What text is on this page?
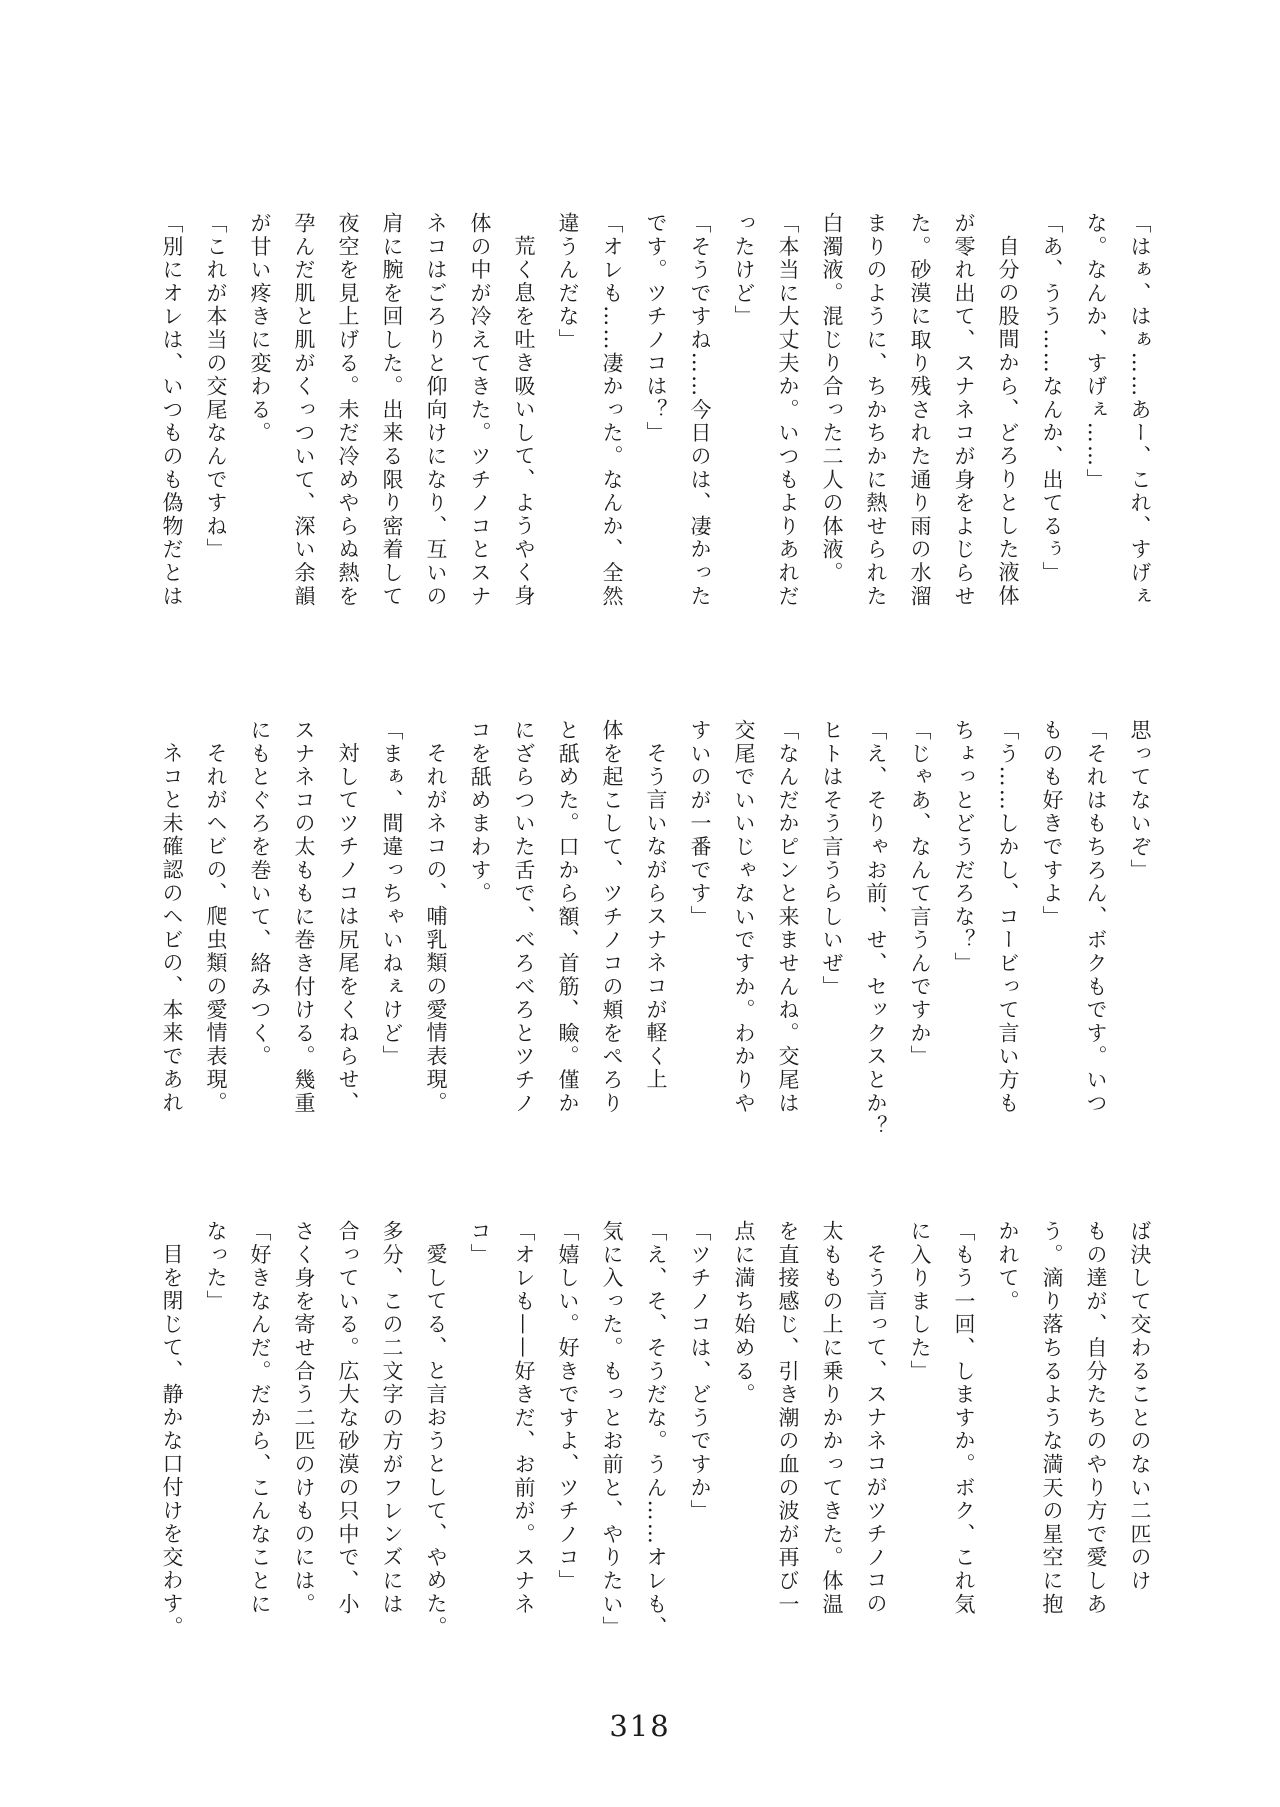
「はぁ、はぁ……あー、これ、すげぇ
な。なんか、すげぇ……」
「あ、うう……なんか、出てるぅ」
自分の股間から、どろりとした液体
が零れ出て、スナネコが身をよじらせ
た。砂漠に取り残された通り雨の水溜
まりのように、ちかちかに熱せられた
白濁液。混じり合った二人の体液。
「本当に大丈夫か。いつもよりあれだ
ったけど」
「そうですね……今日のは、凄かった
です。ツチノコは？」
「オレも……凄かった。なんか、全然
違うんだな」
荒く息を吐き吸いして、ようやく身
体の中が冷えてきた。ツチノコとスナ
ネコはごろりと仰向けになり、互いの
肩に腕を回した。出来る限り密着して
夜空を見上げる。未だ冷めやらぬ熱を
孕んだ肌と肌がくっついて、深い余韻
が甘い疼きに変わる。
「これが本当の交尾なんですね」
「別にオレは、いつものも偽物だとは
思ってないぞ」
「それはもちろん、ボクもです。いつ
ものも好きですよ」
「う……しかし、コービって言い方も
ちょっとどうだろな？」
「じゃあ、なんて言うんですか」
「え、そりゃお前、せ、セックスとか？
ヒトはそう言うらしいぜ」
「なんだかピンと来ませんね。交尾は
交尾でいいじゃないですか。わかりや
すいのが一番です」
そう言いながらスナネコが軽く上
体を起こして、ツチノコの頬をぺろり
と舐めた。口から額、首筋、瞼。僅か
にざらついた舌で、べろべろとツチノ
コを舐めまわす。
それがネコの、哺乳類の愛情表現。
「まぁ、間違っちゃいねぇけど」
対してツチノコは尻尾をくねらせ、
スナネコの太ももに巻き付ける。幾重
にもとぐろを巻いて、絡みつく。
それがヘビの、爬虫類の愛情表現。
ネコと未確認のヘビの、本来であれ
ば決して交わることのない二匹のけ
もの達が、自分たちのやり方で愛しあ
う。滴り落ちるような満天の星空に抱
かれて。
「もう一回、しますか。ボク、これ気
に入りました」
そう言って、スナネコがツチノコの
太ももの上に乗りかかってきた。体温
を直接感じ、引き潮の血の波が再び一
点に満ち始める。
「ツチノコは、どうですか」
「え、そ、そうだな。うん……オレも、
気に入った。もっとお前と、やりたい」
「嬉しい。好きですよ、ツチノコ」
「オレも——好きだ、お前が。スナネ
コ」
愛してる、と言おうとして、やめた。
多分、この二文字の方がフレンズには
合っている。広大な砂漠の只中で、小
さく身を寄せ合う二匹のけものには。
「好きなんだ。だから、こんなことに
なった」
目を閉じて、静かな口付けを交わす。
318
